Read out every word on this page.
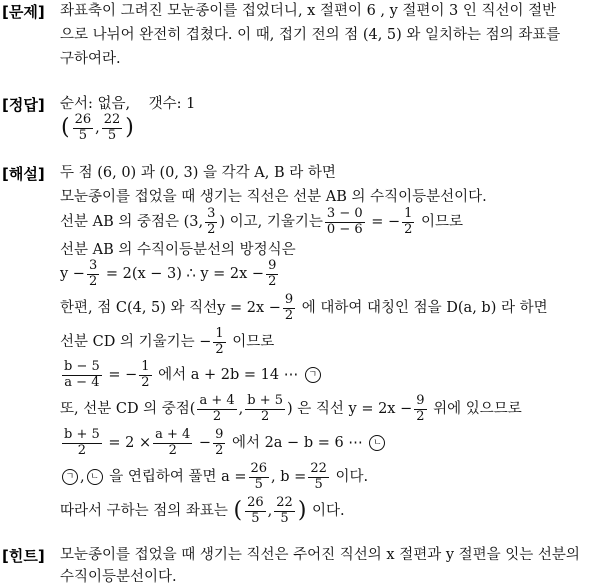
[문제] 좌표축이 그려진 모눈종이를 접었더니, x 절편이 6 , y 절편이 3 인 직선이 절반
으로 나뉘어 완전히 겹쳤다. 이 때, 접기 전의 점 (4, 5) 와 일치하는 점의 좌표를
구하여라.
[정답] 순서: 없음,    갯수: 1
( $\frac{26}{5}$ , $\frac{22}{5}$ )
[해설] 두 점 (6, 0) 과 (0, 3) 을 각각 A, B 라 하면
모눈종이를 접었을 때 생기는 직선은 선분 AB 의 수직이등분선이다.
선분 AB 의 중점은 (3, $\frac{3}{2}$ ) 이고, 기울기는 $\frac{3 - 0}{0 - 6}$ = − $\frac{1}{2}$ 이므로
선분 AB 의 수직이등분선의 방정식은
$y - \frac{3}{2} = 2(x - 3)$ ∴ $y = 2x - \frac{9}{2}$
한편, 점 C(4, 5) 와 직선$y = 2x - \frac{9}{2}$ 에 대하여 대칭인 점을 D(a, b) 라 하면
선분 CD 의 기울기는 − $\frac{1}{2}$ 이므로
$\frac{b - 5}{a - 4}$ = − $\frac{1}{2}$ 에서 a + 2b = 14 ⋯ ㄱ
또, 선분 CD 의 중점( $\frac{a + 4}{2}$ , $\frac{b + 5}{2}$ ) 은 직선 $y = 2x - \frac{9}{2}$ 위에 있으므로
$\frac{b + 5}{2} = 2 \times \frac{a + 4}{2} - \frac{9}{2}$ 에서 2a − b = 6 ⋯ ㄴ
ㄱ , ㄴ 을 연립하여 풀면 $a = \frac{26}{5}$ , $b = \frac{22}{5}$ 이다.
따라서 구하는 점의 좌표는 ( $\frac{26}{5}$ , $\frac{22}{5}$ ) 이다.
[힌트] 모눈종이를 접었을 때 생기는 직선은 주어진 직선의 x 절편과 y 절편을 잇는 선분의
수직이등분선이다.
